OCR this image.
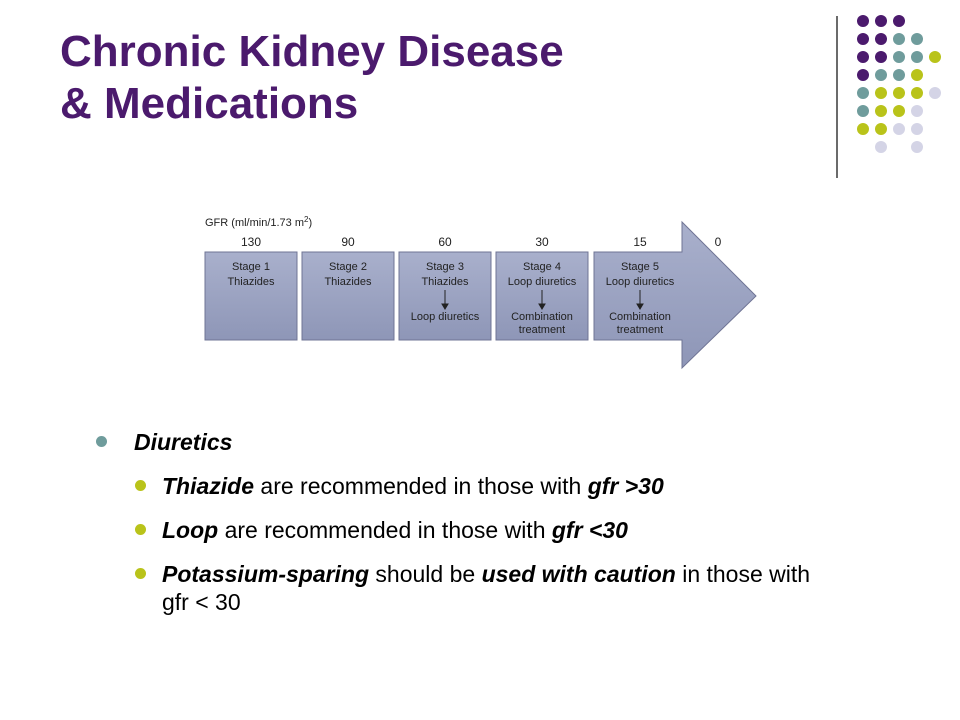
Chronic Kidney Disease
& Medications
GFR (ml/min/1.73 $m^2$)
130	90	60	30	15	0
Stage 1
Thiazides
Stage 2
Thiazides
Stage 3
Thiazides
Loop diuretics
Stage 4
Loop diuretics
Combination
treatment
Stage 5
Loop diuretics
Combination
treatment
Diuretics
Thiazide are recommended in those with gfr >30
Loop are recommended in those with gfr <30
Potassium-sparing should be used with caution in those with gfr < 30
